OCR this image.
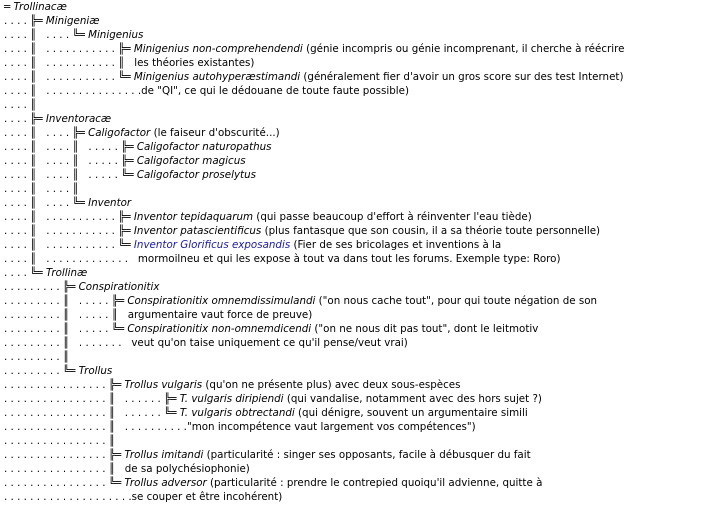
═ Trollinacæ
. . . . ╠═ Minigeniæ
. . . . ║   . . . . ╚═ Minigenius
. . . . ║   . . . . . . . . . . . ╠═ Minigenius non-comprehendendi (génie incompris ou génie incomprenant, il cherche à réécrire
. . . . ║   . . . . . . . . . . . ║   les théories existantes)
. . . . ║   . . . . . . . . . . . ╚═ Minigenius autohyperæstimandi (généralement fier d'avoir un gros score sur des test Internet)
. . . . ║   . . . . . . . . . . . . . . .de "QI", ce qui le dédouane de toute faute possible)
. . . . ║
. . . . ╠═ Inventoracæ
. . . . ║   . . . . ╠═ Caligofactor (le faiseur d'obscurité...)
. . . . ║   . . . . ║   . . . . . ╠═ Caligofactor naturopathus
. . . . ║   . . . . ║   . . . . . ╠═ Caligofactor magicus
. . . . ║   . . . . ║   . . . . . ╚═ Caligofactor proselytus
. . . . ║   . . . . ║
. . . . ║   . . . . ╚═ Inventor
. . . . ║   . . . . . . . . . . . ╠═ Inventor tepidaquarum (qui passe beaucoup d'effort à réinventer l'eau tiède)
. . . . ║   . . . . . . . . . . . ╠═ Inventor patascientificus (plus fantasque que son cousin, il a sa théorie toute personnelle)
. . . . ║   . . . . . . . . . . . ╚═ Inventor Glorificus exposandis (Fier de ses bricolages et inventions à la
. . . . ║   . . . . . . . . . . . . .   mormoilneu et qui les expose à tout va dans tout les forums. Exemple type: Roro)
. . . . ╚═ Trollinæ
. . . . . . . . . ╠═ Conspirationitix
. . . . . . . . . ║   . . . . . ╠═ Conspirationitix omnemdissimulandi ("on nous cache tout", pour qui toute négation de son
. . . . . . . . . ║   . . . . . ║   argumentaire vaut force de preuve)
. . . . . . . . . ║   . . . . . ╚═ Conspirationitix non-omnemdicendi ("on ne nous dit pas tout", dont le leitmotiv
. . . . . . . . . ║   . . . . . . .   veut qu'on taise uniquement ce qu'il pense/veut vrai)
. . . . . . . . . ║
. . . . . . . . . ╚═ Trollus
. . . . . . . . . . . . . . . . ╠═ Trollus vulgaris (qu'on ne présente plus) avec deux sous-espèces
. . . . . . . . . . . . . . . . ║   . . . . . . ╠═ T. vulgaris diripiendi (qui vandalise, notamment avec des hors sujet ?)
. . . . . . . . . . . . . . . . ║   . . . . . . ╚═ T. vulgaris obtrectandi (qui dénigre, souvent un argumentaire simili
. . . . . . . . . . . . . . . . ║   . . . . . . . . . ."mon incompétence vaut largement vos compétences")
. . . . . . . . . . . . . . . . ║
. . . . . . . . . . . . . . . . ╠═ Trollus imitandi (particularité : singer ses opposants, facile à débusquer du fait
. . . . . . . . . . . . . . . . ║   de sa polychésiophonie)
. . . . . . . . . . . . . . . . ╚═ Trollus adversor (particularité : prendre le contrepied quoiqu'il advienne, quitte à
. . . . . . . . . . . . . . . . . . . .se couper et être incohérent)
